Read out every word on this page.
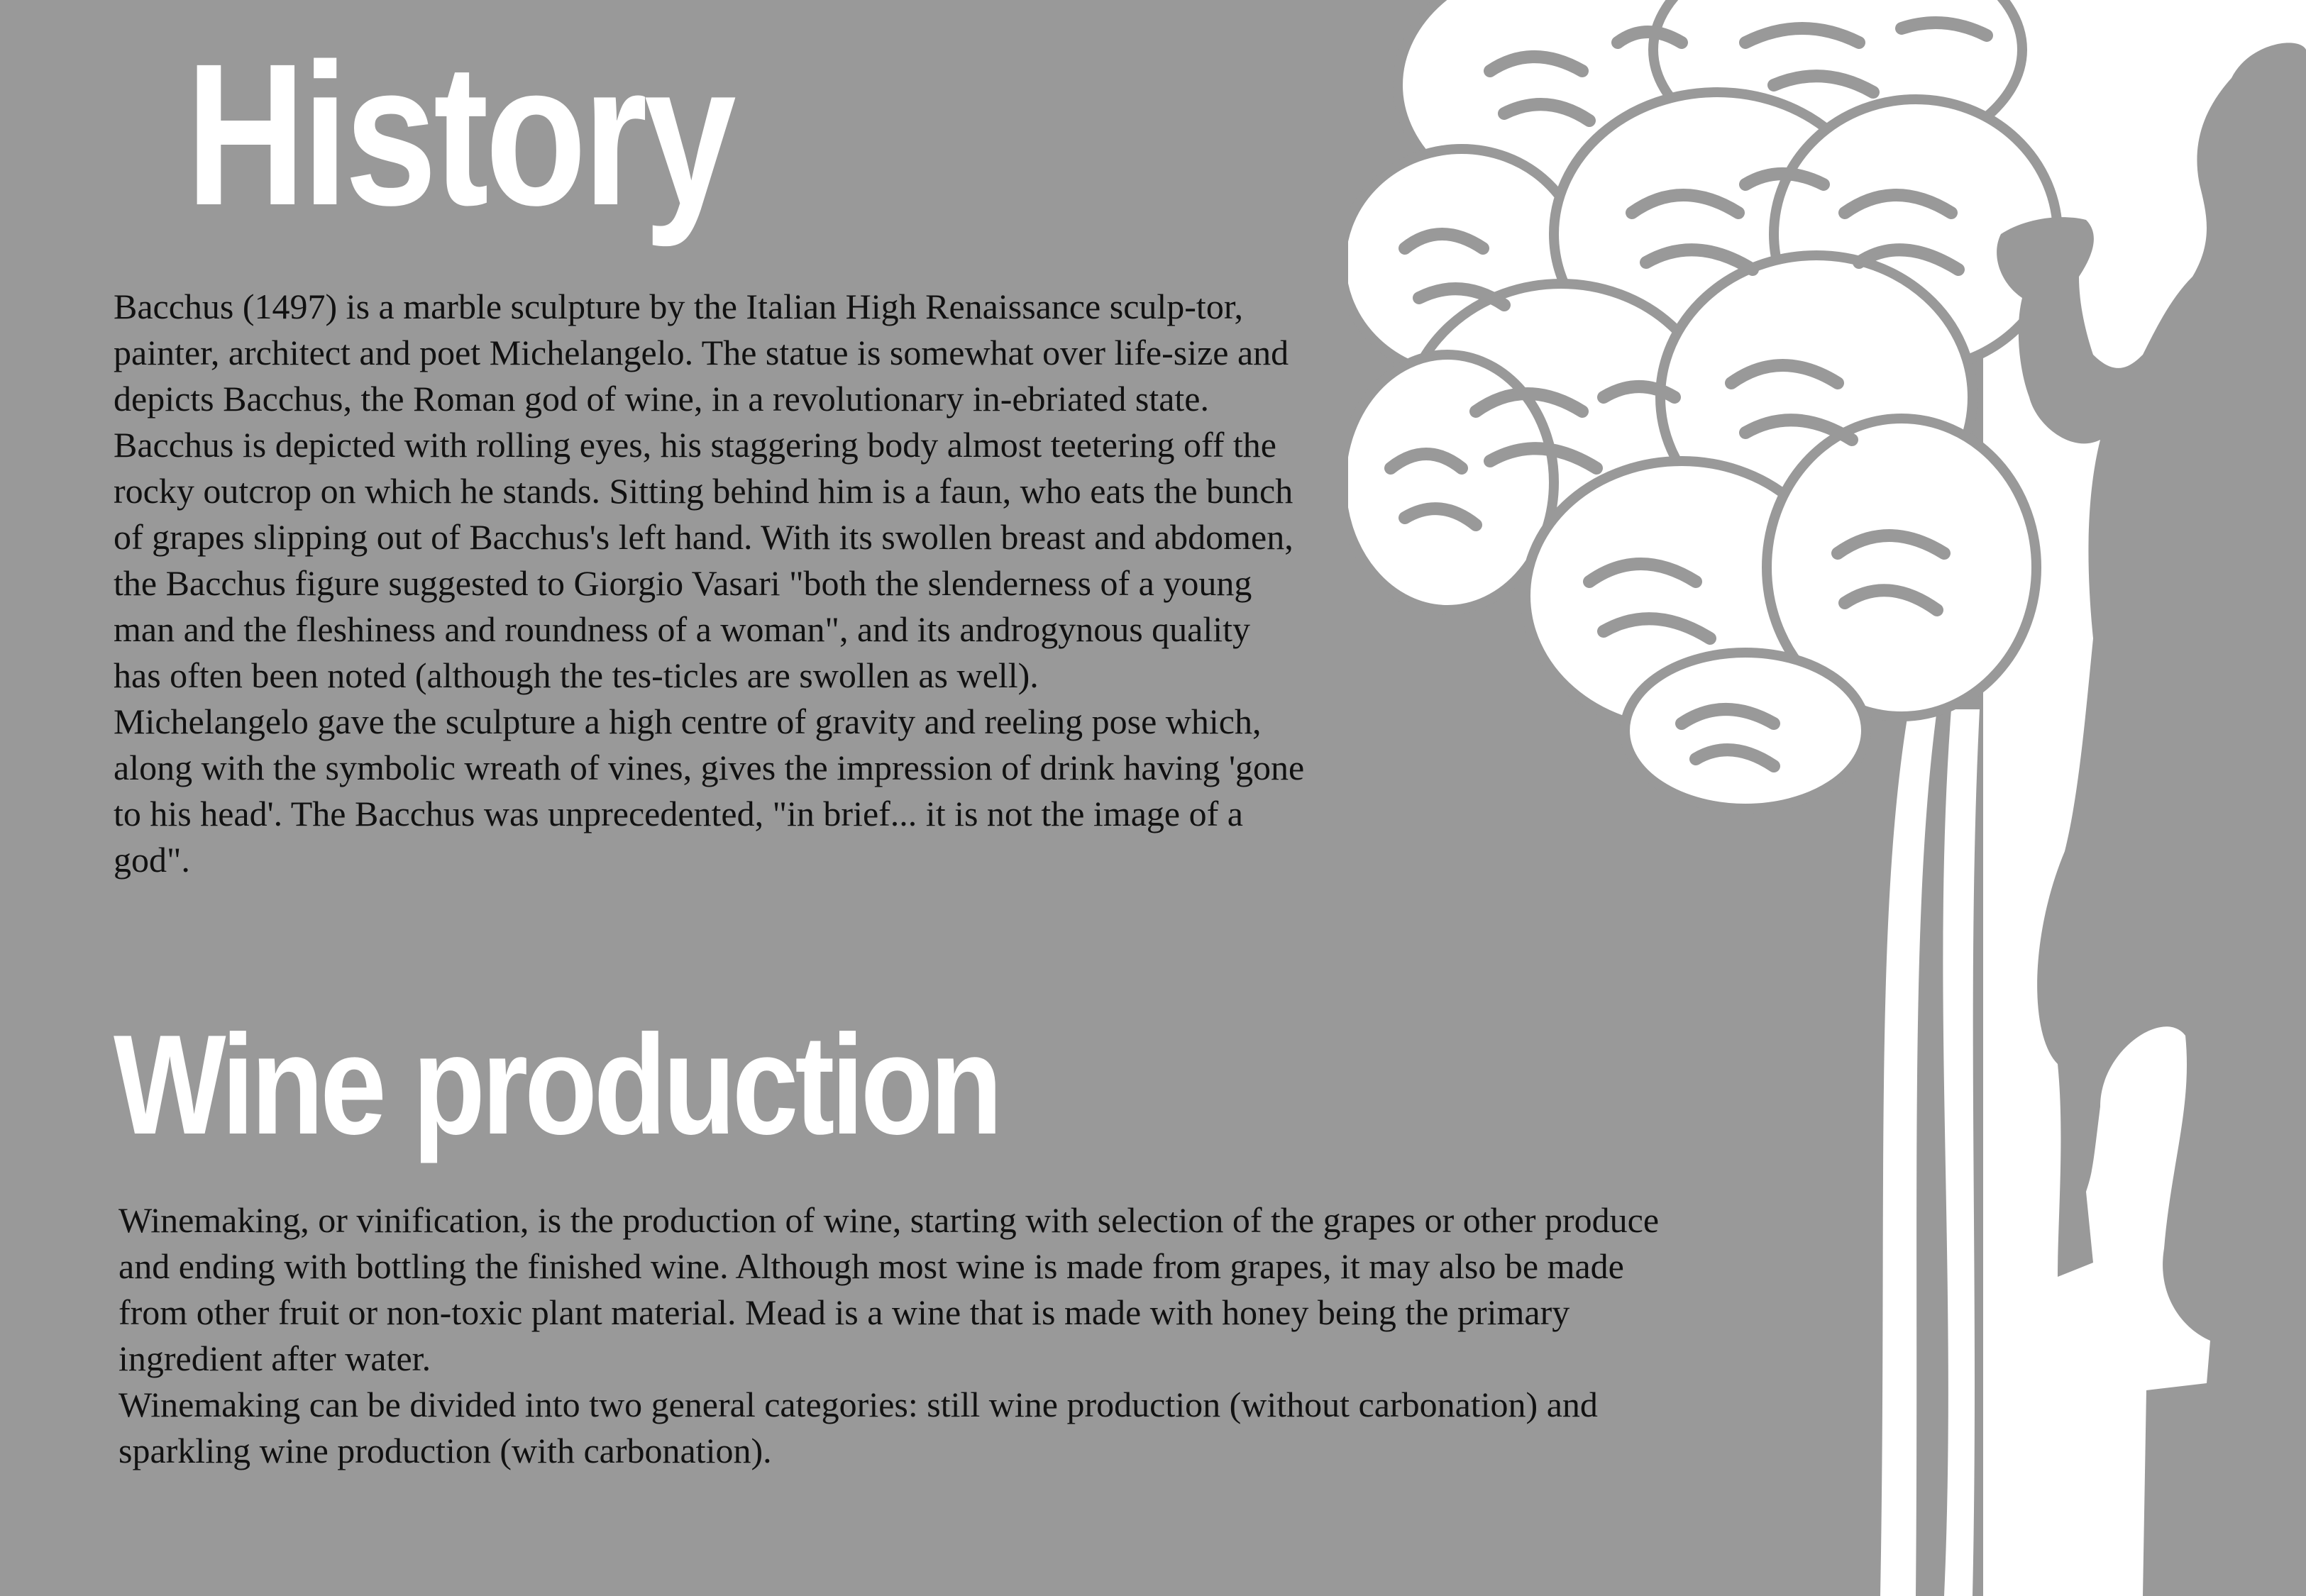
History

Bacchus (1497) is a marble sculpture by the Italian High Renaissance sculp-tor, painter, architect and poet Michelangelo. The statue is somewhat over life-size and depicts Bacchus, the Roman god of wine, in a revolutionary in-ebriated state.

Bacchus is depicted with rolling eyes, his staggering body almost teetering off the rocky outcrop on which he stands. Sitting behind him is a faun, who eats the bunch of grapes slipping out of Bacchus's left hand. With its swollen breast and abdomen, the Bacchus figure suggested to Giorgio Vasari "both the slenderness of a young man and the fleshiness and roundness of a woman", and its androgynous quality has often been noted (although the tes-ticles are swollen as well).

Michelangelo gave the sculpture a high centre of gravity and reeling pose which, along with the symbolic wreath of vines, gives the impression of drink having 'gone to his head'. The Bacchus was unprecedented, "in brief... it is not the image of a god".

Wine production

Winemaking, or vinification, is the production of wine, starting with selection of the grapes or other produce and ending with bottling the finished wine. Although most wine is made from grapes, it may also be made from other fruit or non-toxic plant material. Mead is a wine that is made with honey being the primary ingredient after water.

Winemaking can be divided into two general categories: still wine production (without carbonation) and sparkling wine production (with carbonation).
